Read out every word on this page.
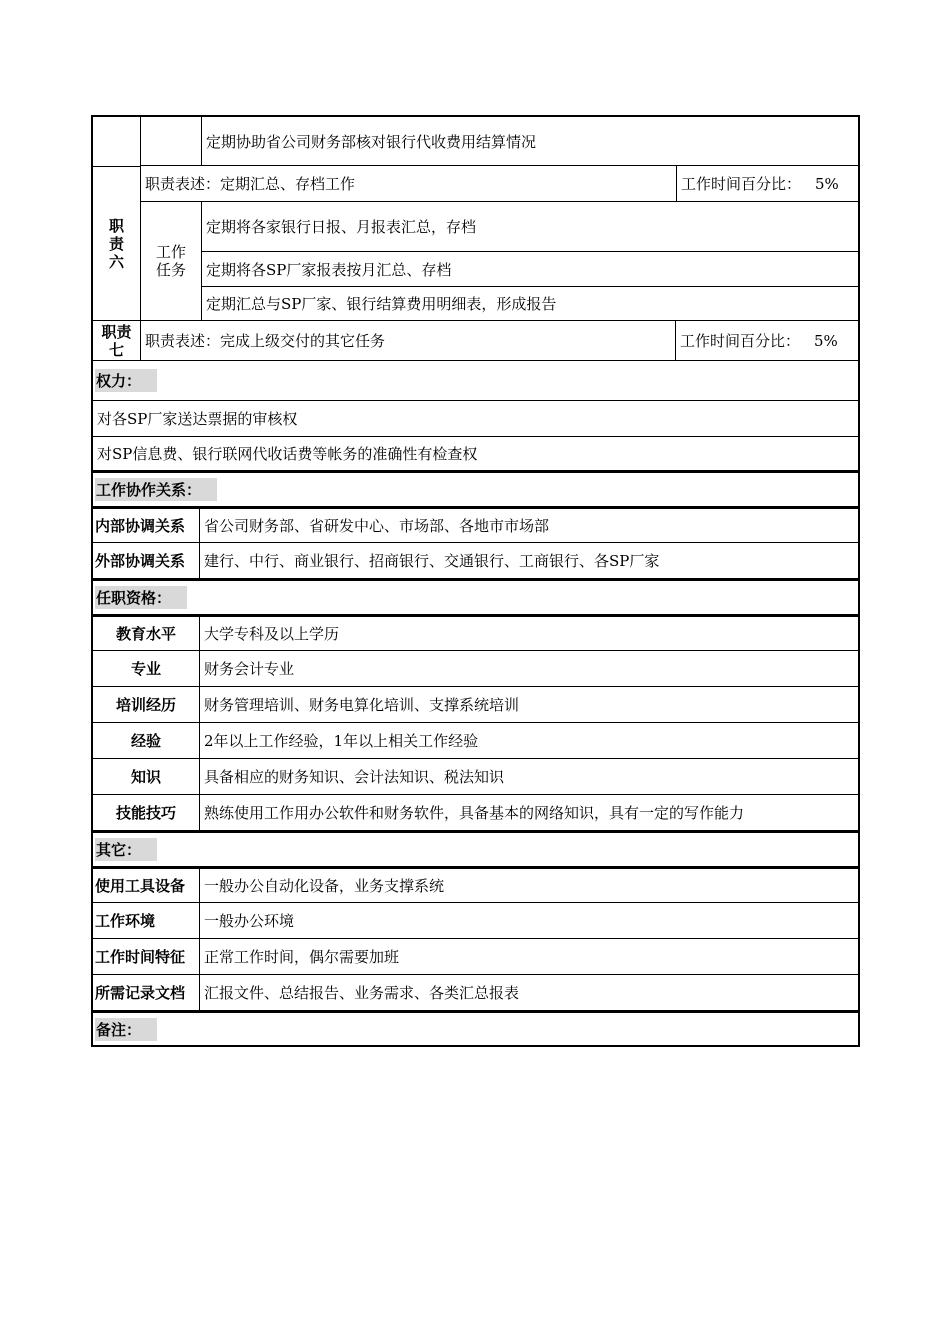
职
责
六
定期协助省公司财务部核对银行代收费用结算情况
职责表述：定期汇总、存档工作	工作时间百分比： 5%
工作
任务
定期将各家银行日报、月报表汇总，存档
定期将各SP厂家报表按月汇总、存档
定期汇总与SP厂家、银行结算费用明细表，形成报告
职责
七 职责表述：完成上级交付的其它任务	工作时间百分比： 5%
权力：
对各SP厂家送达票据的审核权
对SP信息费、银行联网代收话费等帐务的准确性有检查权
工作协作关系：
内部协调关系 省公司财务部、省研发中心、市场部、各地市市场部
外部协调关系 建行、中行、商业银行、招商银行、交通银行、工商银行、各SP厂家
任职资格：
教育水平 大学专科及以上学历
专业	财务会计专业
培训经历 财务管理培训、财务电算化培训、支撑系统培训
经验	2年以上工作经验，1年以上相关工作经验
知识	具备相应的财务知识、会计法知识、税法知识
技能技巧 熟练使用工作用办公软件和财务软件，具备基本的网络知识，具有一定的写作能力
其它：
使用工具设备 一般办公自动化设备，业务支撑系统
工作环境	一般办公环境
工作时间特征 正常工作时间，偶尔需要加班
所需记录文档 汇报文件、总结报告、业务需求、各类汇总报表
备注：
